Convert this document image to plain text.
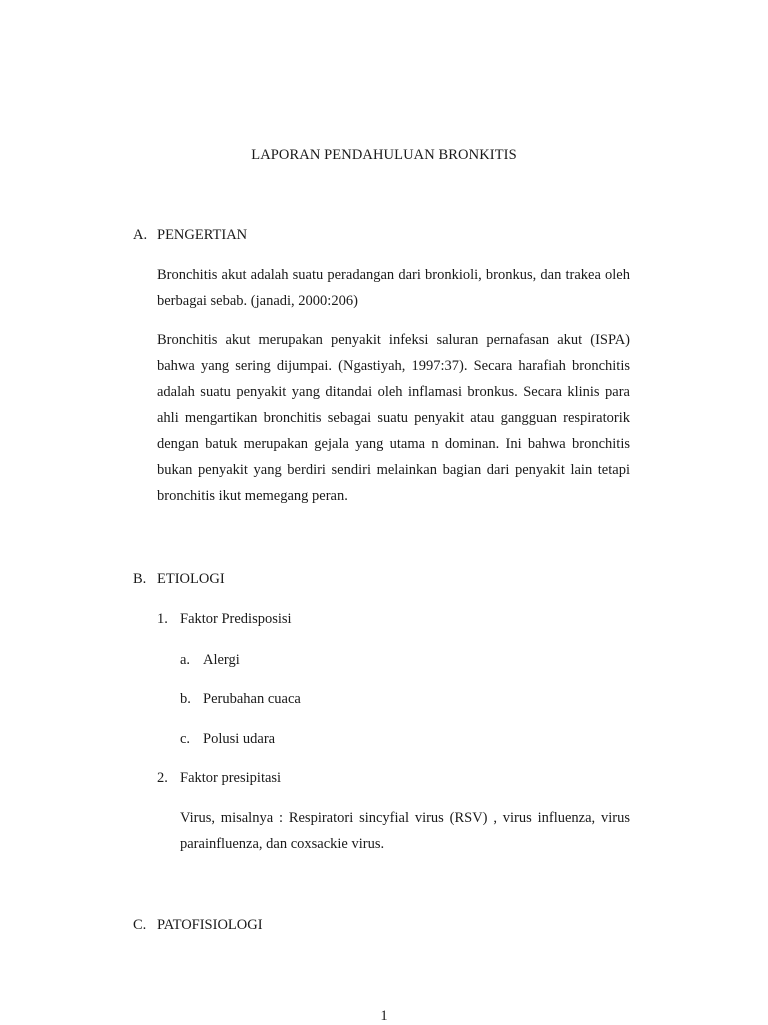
LAPORAN PENDAHULUAN BRONKITIS
A. PENGERTIAN
Bronchitis akut adalah suatu peradangan dari bronkioli, bronkus, dan trakea oleh berbagai sebab. (janadi, 2000:206)
Bronchitis akut merupakan penyakit infeksi saluran pernafasan akut (ISPA) bahwa yang sering dijumpai. (Ngastiyah, 1997:37). Secara harafiah bronchitis adalah suatu penyakit yang ditandai oleh inflamasi bronkus. Secara klinis para ahli mengartikan bronchitis sebagai suatu penyakit atau gangguan respiratorik dengan batuk merupakan gejala yang utama n dominan. Ini bahwa bronchitis bukan penyakit yang berdiri sendiri melainkan bagian dari penyakit lain tetapi bronchitis ikut memegang peran.
B. ETIOLOGI
1. Faktor Predisposisi
a. Alergi
b. Perubahan cuaca
c. Polusi udara
2. Faktor presipitasi
Virus, misalnya : Respiratori sincyfial virus (RSV) , virus influenza, virus parainfluenza, dan coxsackie virus.
C. PATOFISIOLOGI
1
